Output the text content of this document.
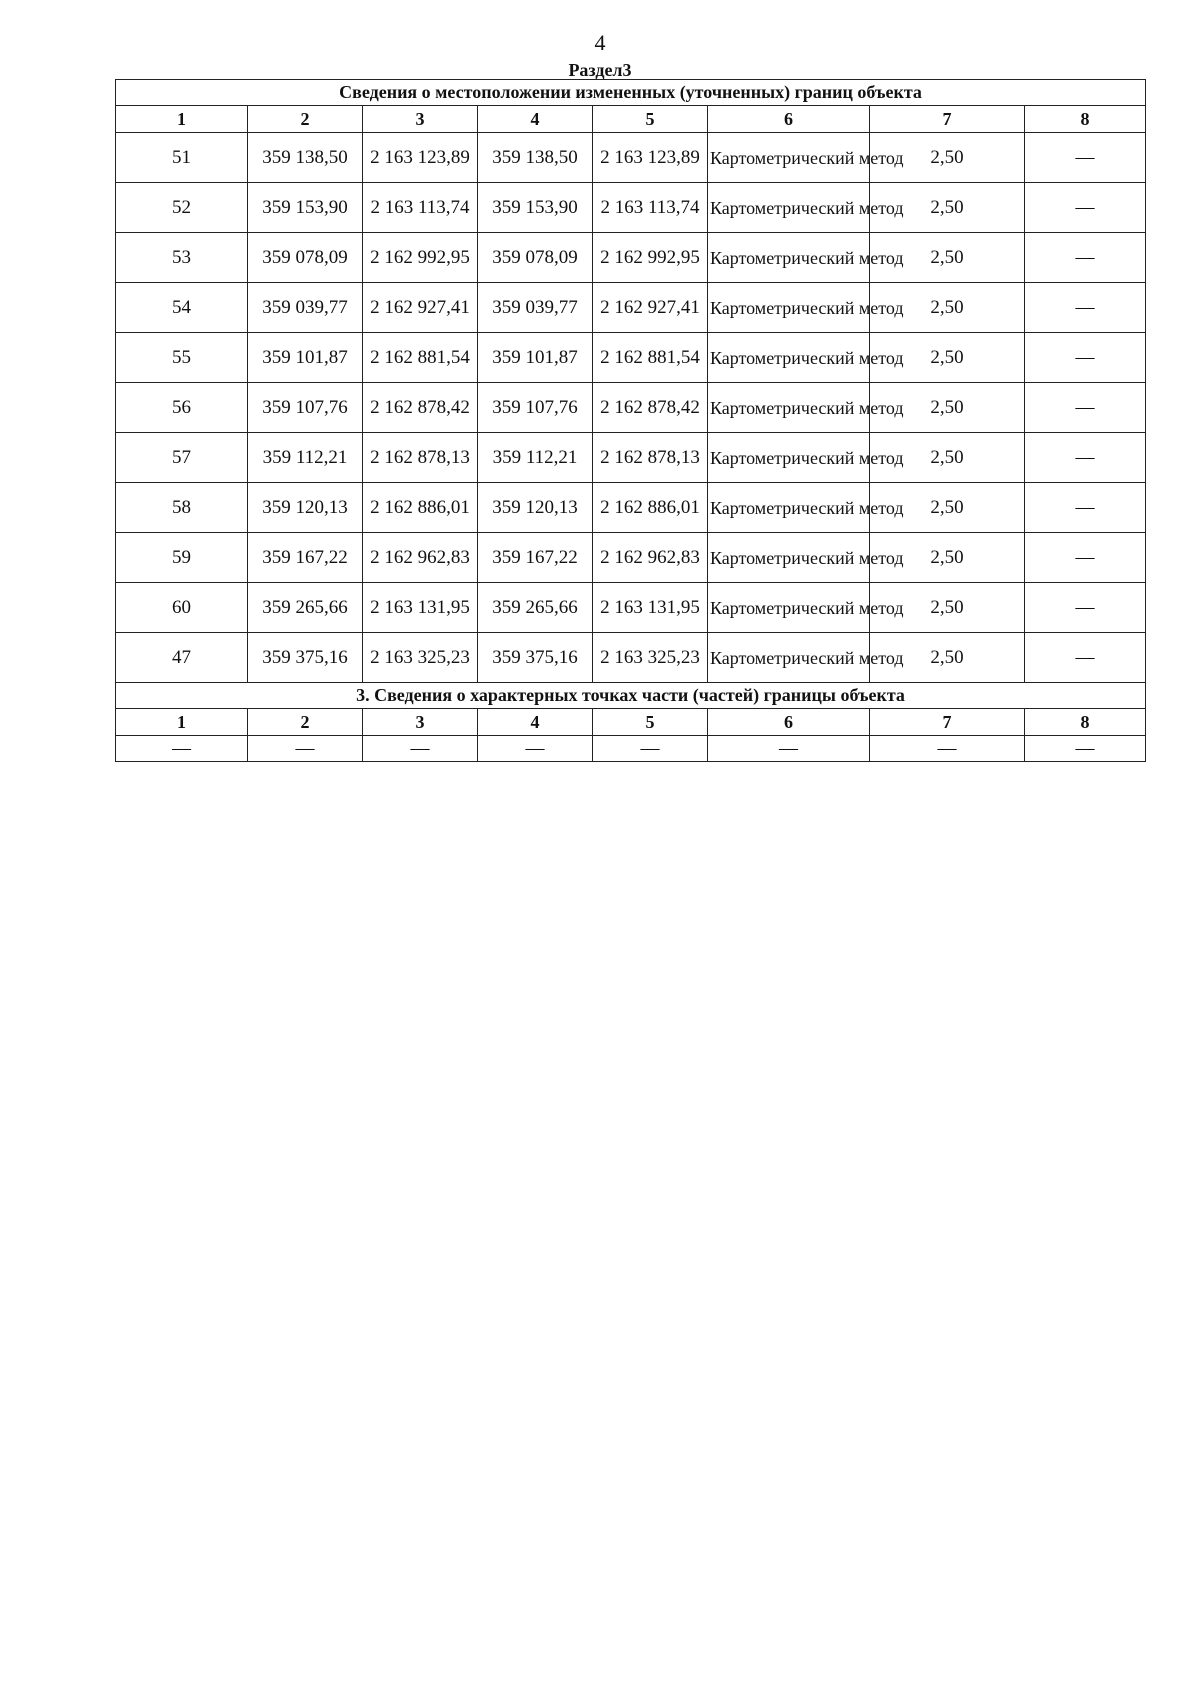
4
Раздел3
Сведения о местоположении измененных (уточненных) границ объекта							
1	2	3	4	5	6	7	8
51	359 138,50	2 163 123,89	359 138,50	2 163 123,89	Картометрический метод	2,50	—
52	359 153,90	2 163 113,74	359 153,90	2 163 113,74	Картометрический метод	2,50	—
53	359 078,09	2 162 992,95	359 078,09	2 162 992,95	Картометрический метод	2,50	—
54	359 039,77	2 162 927,41	359 039,77	2 162 927,41	Картометрический метод	2,50	—
55	359 101,87	2 162 881,54	359 101,87	2 162 881,54	Картометрический метод	2,50	—
56	359 107,76	2 162 878,42	359 107,76	2 162 878,42	Картометрический метод	2,50	—
57	359 112,21	2 162 878,13	359 112,21	2 162 878,13	Картометрический метод	2,50	—
58	359 120,13	2 162 886,01	359 120,13	2 162 886,01	Картометрический метод	2,50	—
59	359 167,22	2 162 962,83	359 167,22	2 162 962,83	Картометрический метод	2,50	—
60	359 265,66	2 163 131,95	359 265,66	2 163 131,95	Картометрический метод	2,50	—
47	359 375,16	2 163 325,23	359 375,16	2 163 325,23	Картометрический метод	2,50	—
3. Сведения о характерных точках части (частей) границы объекта							
1	2	3	4	5	6	7	8
—	—	—	—	—	—	—	—
